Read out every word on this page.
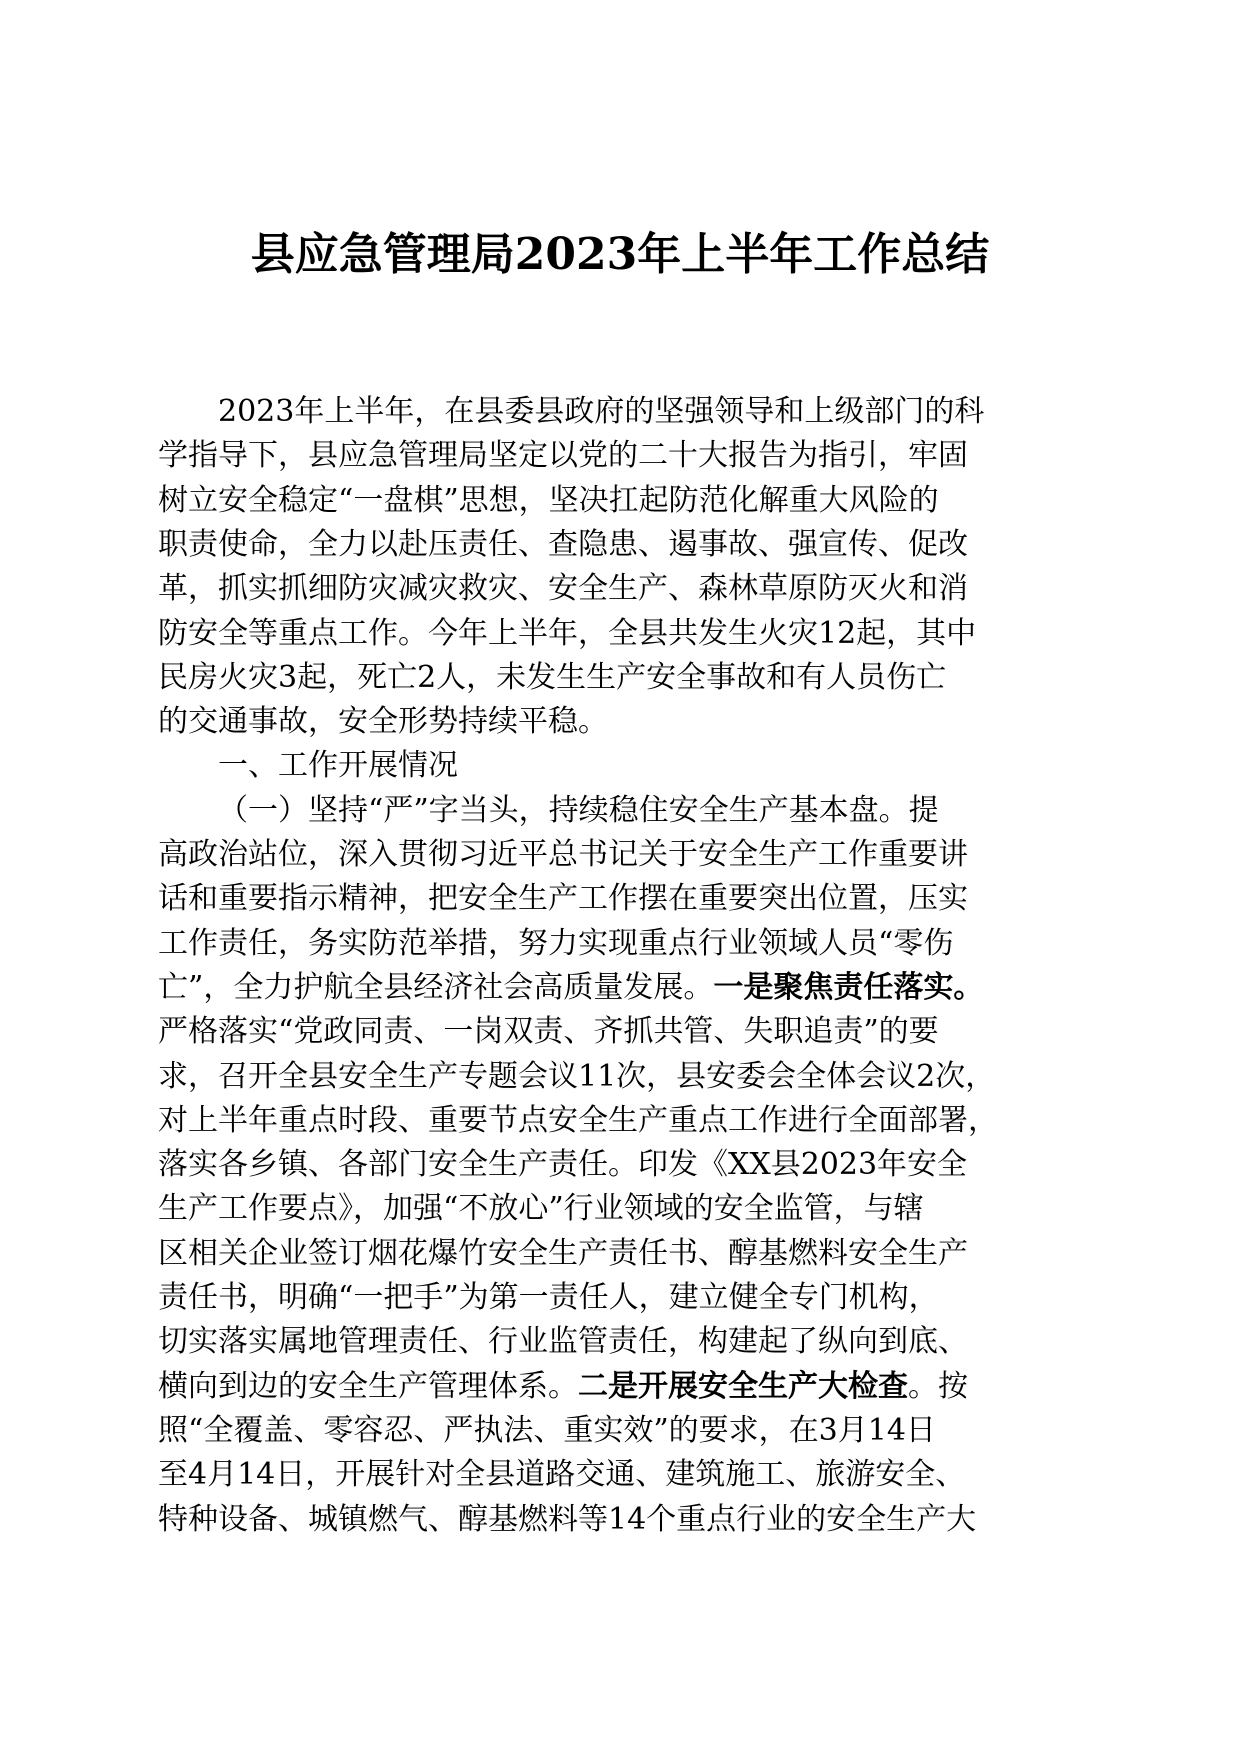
县应急管理局2023年上半年工作总结
2023年上半年，在县委县政府的坚强领导和上级部门的科
学指导下，县应急管理局坚定以党的二十大报告为指引，牢固
树立安全稳定“一盘棋”思想，坚决扛起防范化解重大风险的
职责使命，全力以赴压责任、查隐患、遏事故、强宣传、促改
革，抓实抓细防灾减灾救灾、安全生产、森林草原防灭火和消
防安全等重点工作。今年上半年，全县共发生火灾12起，其中
民房火灾3起，死亡2人，未发生生产安全事故和有人员伤亡
的交通事故，安全形势持续平稳。
一、工作开展情况
（一）坚持“严”字当头，持续稳住安全生产基本盘。提
高政治站位，深入贯彻习近平总书记关于安全生产工作重要讲
话和重要指示精神，把安全生产工作摆在重要突出位置，压实
工作责任，务实防范举措，努力实现重点行业领域人员“零伤
亡”，全力护航全县经济社会高质量发展。一是聚焦责任落实。
严格落实“党政同责、一岗双责、齐抓共管、失职追责”的要
求，召开全县安全生产专题会议11次，县安委会全体会议2次，
对上半年重点时段、重要节点安全生产重点工作进行全面部署，
落实各乡镇、各部门安全生产责任。印发《XX县2023年安全
生产工作要点》，加强“不放心”行业领域的安全监管，与辖
区相关企业签订烟花爆竹安全生产责任书、醇基燃料安全生产
责任书，明确“一把手”为第一责任人，建立健全专门机构，
切实落实属地管理责任、行业监管责任，构建起了纵向到底、
横向到边的安全生产管理体系。二是开展安全生产大检查。按
照“全覆盖、零容忍、严执法、重实效”的要求，在3月14日
至4月14日，开展针对全县道路交通、建筑施工、旅游安全、
特种设备、城镇燃气、醇基燃料等14个重点行业的安全生产大
